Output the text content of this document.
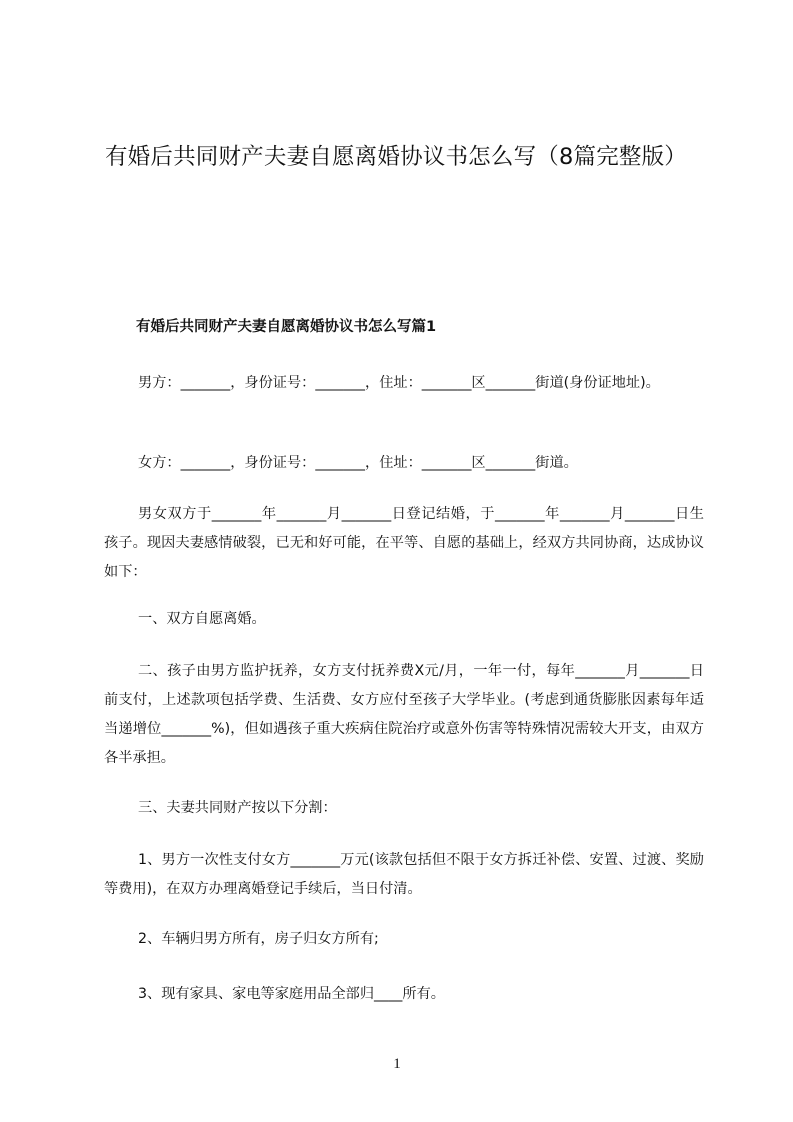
有婚后共同财产夫妻自愿离婚协议书怎么写（8篇完整版）
有婚后共同财产夫妻自愿离婚协议书怎么写篇1
男方：_______，身份证号：_______，住址：_______区_______街道(身份证地址)。
女方：_______，身份证号：_______，住址：_______区_______街道。
男女双方于_______年_______月_______日登记结婚，于_______年_______月_______日生孩子。现因夫妻感情破裂，已无和好可能，在平等、自愿的基础上，经双方共同协商，达成协议如下：
一、双方自愿离婚。
二、孩子由男方监护抚养，女方支付抚养费X元/月，一年一付，每年_______月_______日前支付，上述款项包括学费、生活费、女方应付至孩子大学毕业。(考虑到通货膨胀因素每年适当递增位_______%)，但如遇孩子重大疾病住院治疗或意外伤害等特殊情况需较大开支，由双方各半承担。
三、夫妻共同财产按以下分割：
1、男方一次性支付女方_______万元(该款包括但不限于女方拆迁补偿、安置、过渡、奖励等费用)，在双方办理离婚登记手续后，当日付清。
2、车辆归男方所有，房子归女方所有;
3、现有家具、家电等家庭用品全部归____所有。
1
